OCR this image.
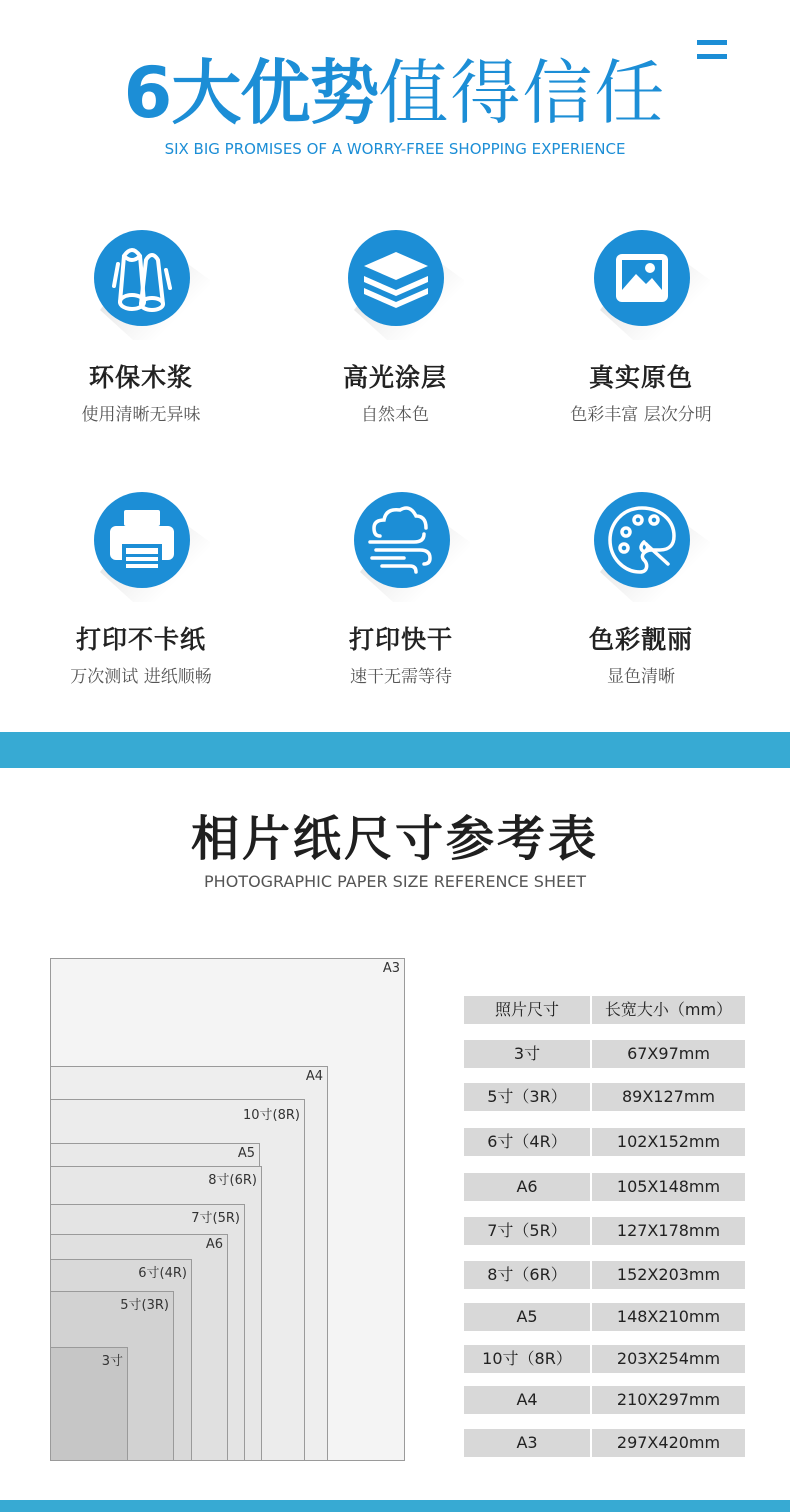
6大优势值得信任
SIX BIG PROMISES OF A WORRY-FREE SHOPPING EXPERIENCE
环保木浆
使用清晰无异味
高光涂层
自然本色
真实原色
色彩丰富 层次分明
打印不卡纸
万次测试 进纸顺畅
打印快干
速干无需等待
色彩靓丽
显色清晰
相片纸尺寸参考表
PHOTOGRAPHIC PAPER SIZE REFERENCE SHEET
A3
A4
10寸(8R)
A5
8寸(6R)
7寸(5R)
A6
6寸(4R)
5寸(3R)
3寸
照片尺寸	长宽大小（mm）
3寸	67X97mm
5寸（3R）	89X127mm
6寸（4R）	102X152mm
A6	105X148mm
7寸（5R）	127X178mm
8寸（6R）	152X203mm
A5	148X210mm
10寸（8R）	203X254mm
A4	210X297mm
A3	297X420mm
